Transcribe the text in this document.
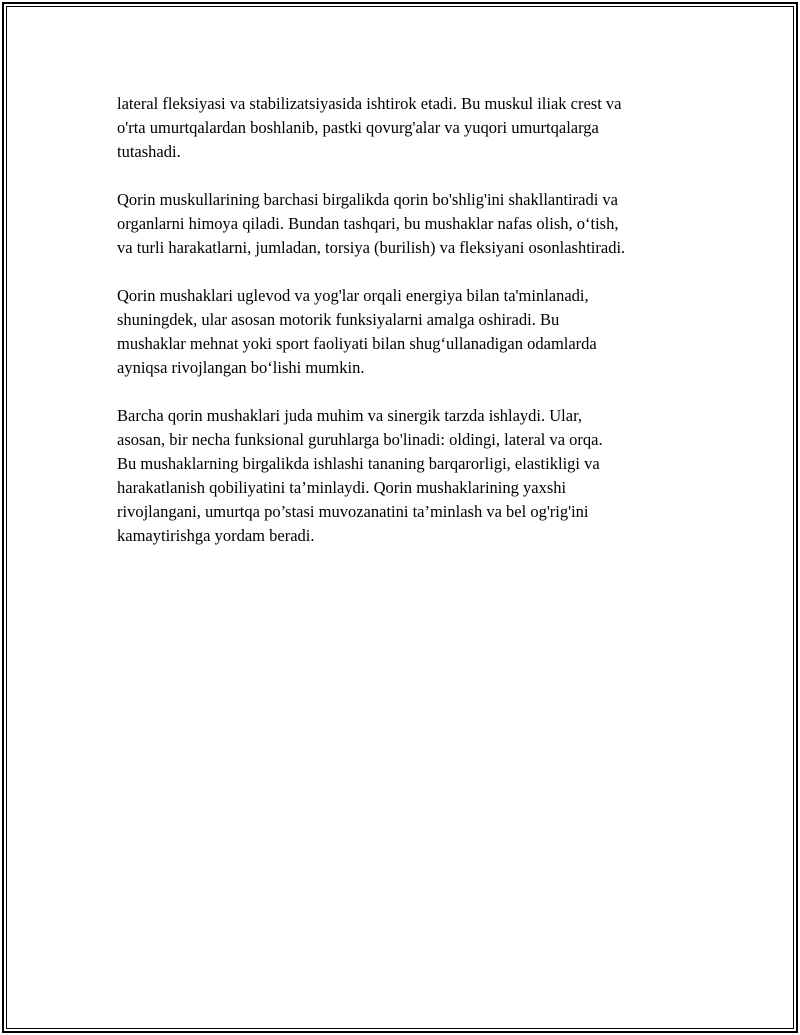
lateral fleksiyasi va stabilizatsiyasida ishtirok etadi. Bu muskul iliak crest va
o'rta umurtqalardan boshlanib, pastki qovurg'alar va yuqori umurtqalarga
tutashadi.

Qorin muskullarining barchasi birgalikda qorin bo'shlig'ini shakllantiradi va
organlarni himoya qiladi. Bundan tashqari, bu mushaklar nafas olish, o‘tish,
va turli harakatlarni, jumladan, torsiya (burilish) va fleksiyani osonlashtiradi.

Qorin mushaklari uglevod va yog'lar orqali energiya bilan ta'minlanadi,
shuningdek, ular asosan motorik funksiyalarni amalga oshiradi. Bu
mushaklar mehnat yoki sport faoliyati bilan shug‘ullanadigan odamlarda
ayniqsa rivojlangan bo‘lishi mumkin.

Barcha qorin mushaklari juda muhim va sinergik tarzda ishlaydi. Ular,
asosan, bir necha funksional guruhlarga bo'linadi: oldingi, lateral va orqa.
Bu mushaklarning birgalikda ishlashi tananing barqarorligi, elastikligi va
harakatlanish qobiliyatini ta’minlaydi. Qorin mushaklarining yaxshi
rivojlangani, umurtqa po’stasi muvozanatini ta’minlash va bel og'rig'ini
kamaytirishga yordam beradi.
